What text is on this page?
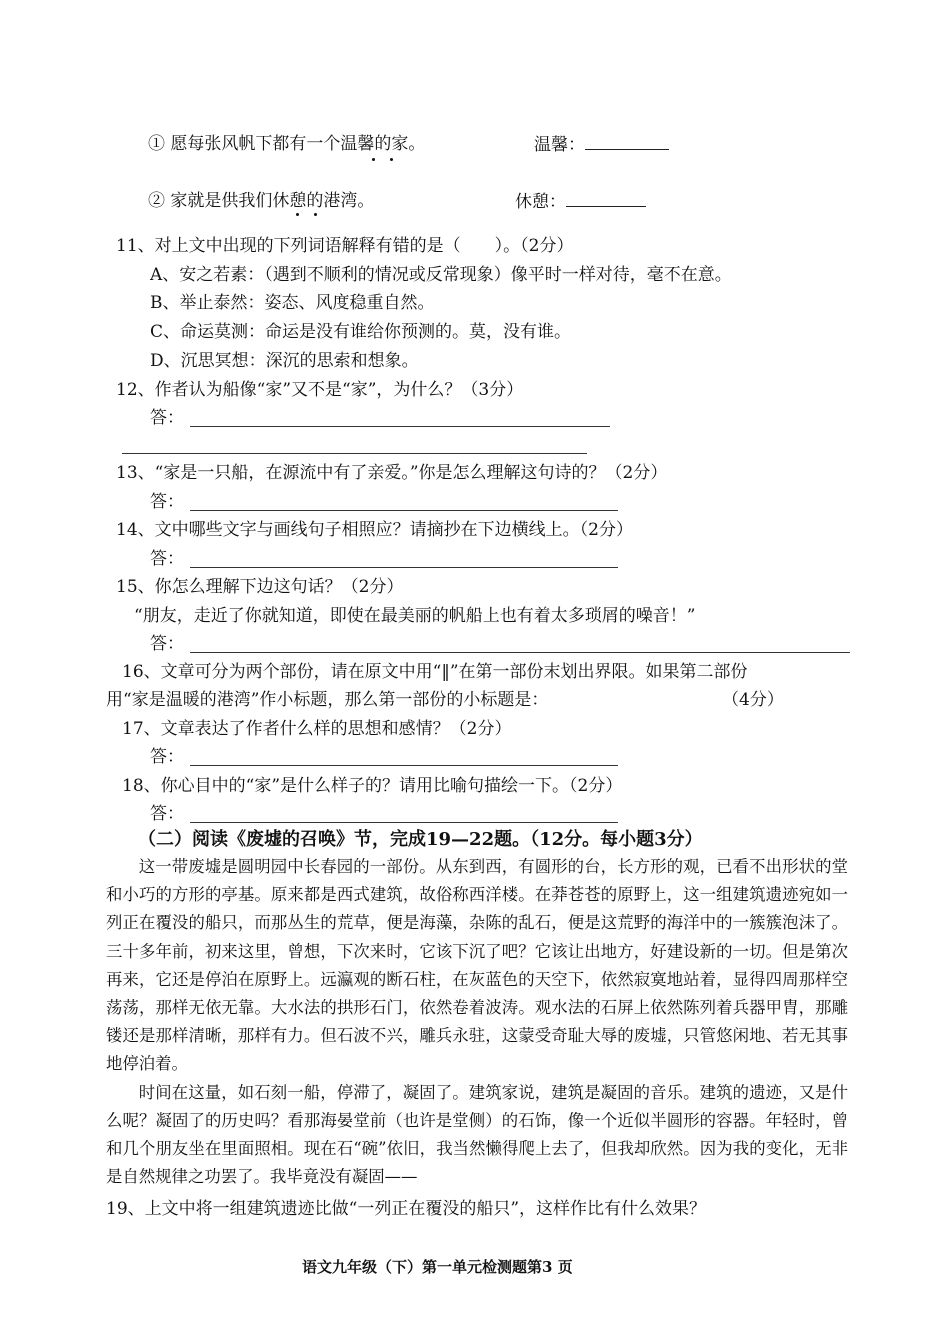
① 愿每张风帆下都有一个温馨的家。	温馨：
② 家就是供我们休憩的港湾。	休憩：
11、对上文中出现的下列词语解释有错的是（　　）。（2分）
A、安之若素：（遇到不顺利的情况或反常现象）像平时一样对待，毫不在意。
B、举止泰然：姿态、风度稳重自然。
C、命运莫测：命运是没有谁给你预测的。莫，没有谁。
D、沉思冥想：深沉的思索和想象。
12、作者认为船像“家”又不是“家”，为什么？（3分）
答：
13、“家是一只船，在源流中有了亲爱。”你是怎么理解这句诗的？（2分）
答：
14、文中哪些文字与画线句子相照应？请摘抄在下边横线上。（2分）
答：
15、你怎么理解下边这句话？（2分）
“朋友，走近了你就知道，即使在最美丽的帆船上也有着太多琐屑的噪音！”
答：
16、文章可分为两个部份，请在原文中用“‖”在第一部份末划出界限。如果第二部份
用“家是温暖的港湾”作小标题，那么第一部份的小标题是：	（4分）
17、文章表达了作者什么样的思想和感情？（2分）
答：
18、你心目中的“家”是什么样子的？请用比喻句描绘一下。（2分）
答：
（二）阅读《废墟的召唤》节，完成19—22题。（12分。每小题3分）

这一带废墟是圆明园中长春园的一部份。从东到西，有圆形的台，长方形的观，已看不出形状的堂和小巧的方形的亭基。原来都是西式建筑，故俗称西洋楼。在莽苍苍的原野上，这一组建筑遗迹宛如一列正在覆没的船只，而那丛生的荒草，便是海藻，杂陈的乱石，便是这荒野的海洋中的一簇簇泡沫了。三十多年前，初来这里，曾想，下次来时，它该下沉了吧？它该让出地方，好建设新的一切。但是第次再来，它还是停泊在原野上。远瀛观的断石柱，在灰蓝色的天空下，依然寂寞地站着，显得四周那样空荡荡，那样无依无靠。大水法的拱形石门，依然卷着波涛。观水法的石屏上依然陈列着兵器甲胄，那雕镂还是那样清晰，那样有力。但石波不兴，雕兵永驻，这蒙受奇耻大辱的废墟，只管悠闲地、若无其事地停泊着。

时间在这量，如石刻一船，停滞了，凝固了。建筑家说，建筑是凝固的音乐。建筑的遗迹，又是什么呢？凝固了的历史吗？看那海晏堂前（也许是堂侧）的石饰，像一个近似半圆形的容器。年轻时，曾和几个朋友坐在里面照相。现在石“碗”依旧，我当然懒得爬上去了，但我却欣然。因为我的变化，无非是自然规律之功罢了。我毕竟没有凝固——

19、上文中将一组建筑遗迹比做“一列正在覆没的船只”，这样作比有什么效果？
语文九年级（下）第一单元检测题第3 页
